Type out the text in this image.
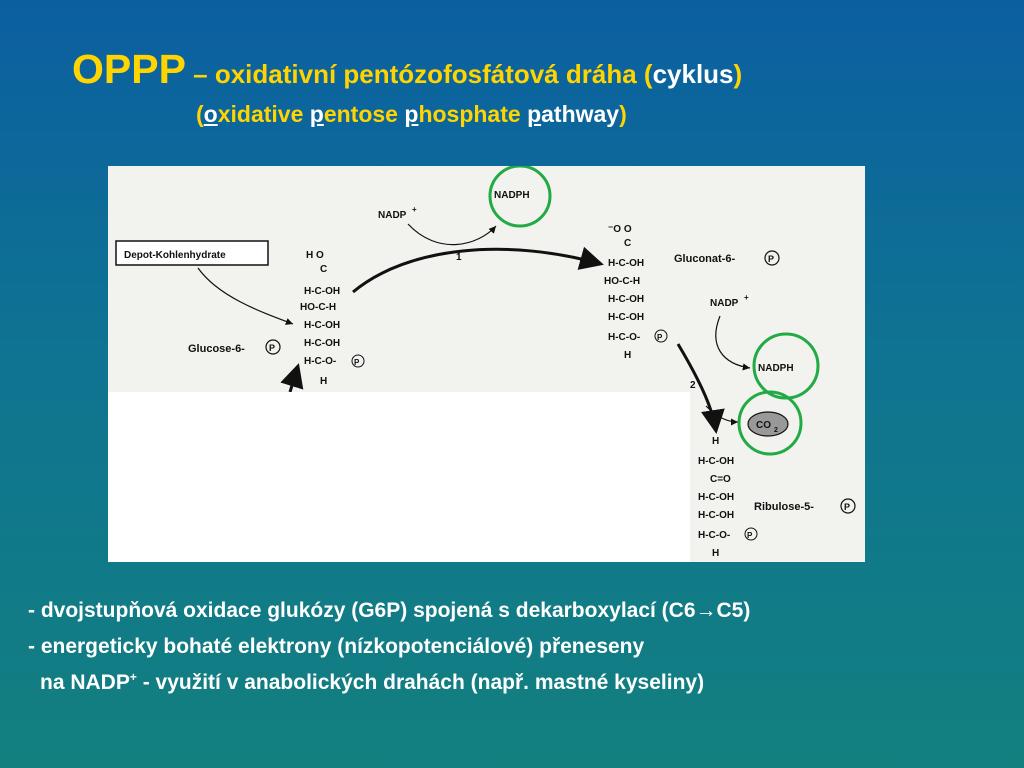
OPPP – oxidativní pentózofosfátová dráha (cyklus)
(oxidative pentose phosphate pathway)
Depot-Kohlenhydrate	H O
C
H-C-OH
HO-C-H
H-C-OH
H-C-OH
H-C-O- P
H
Glucose-6-	P
1
NADP
+
NADPH
⁻O O
C
H-C-OH
HO-C-H
H-C-OH
H-C-OH
H-C-O- P
H
Gluconat-6-	P
2
NADP
+
NADPH
CO 2
H
H-C-OH
C=O
H-C-OH
H-C-OH
H-C-O- P
H
Ribulose-5-	P
- dvojstupňová oxidace glukózy (G6P) spojená s dekarboxylací (C6→C5)
- energeticky bohaté elektrony (nízkopotenciálové) přeneseny
na NADP+ - využití v anabolických drahách (např. mastné kyseliny)
